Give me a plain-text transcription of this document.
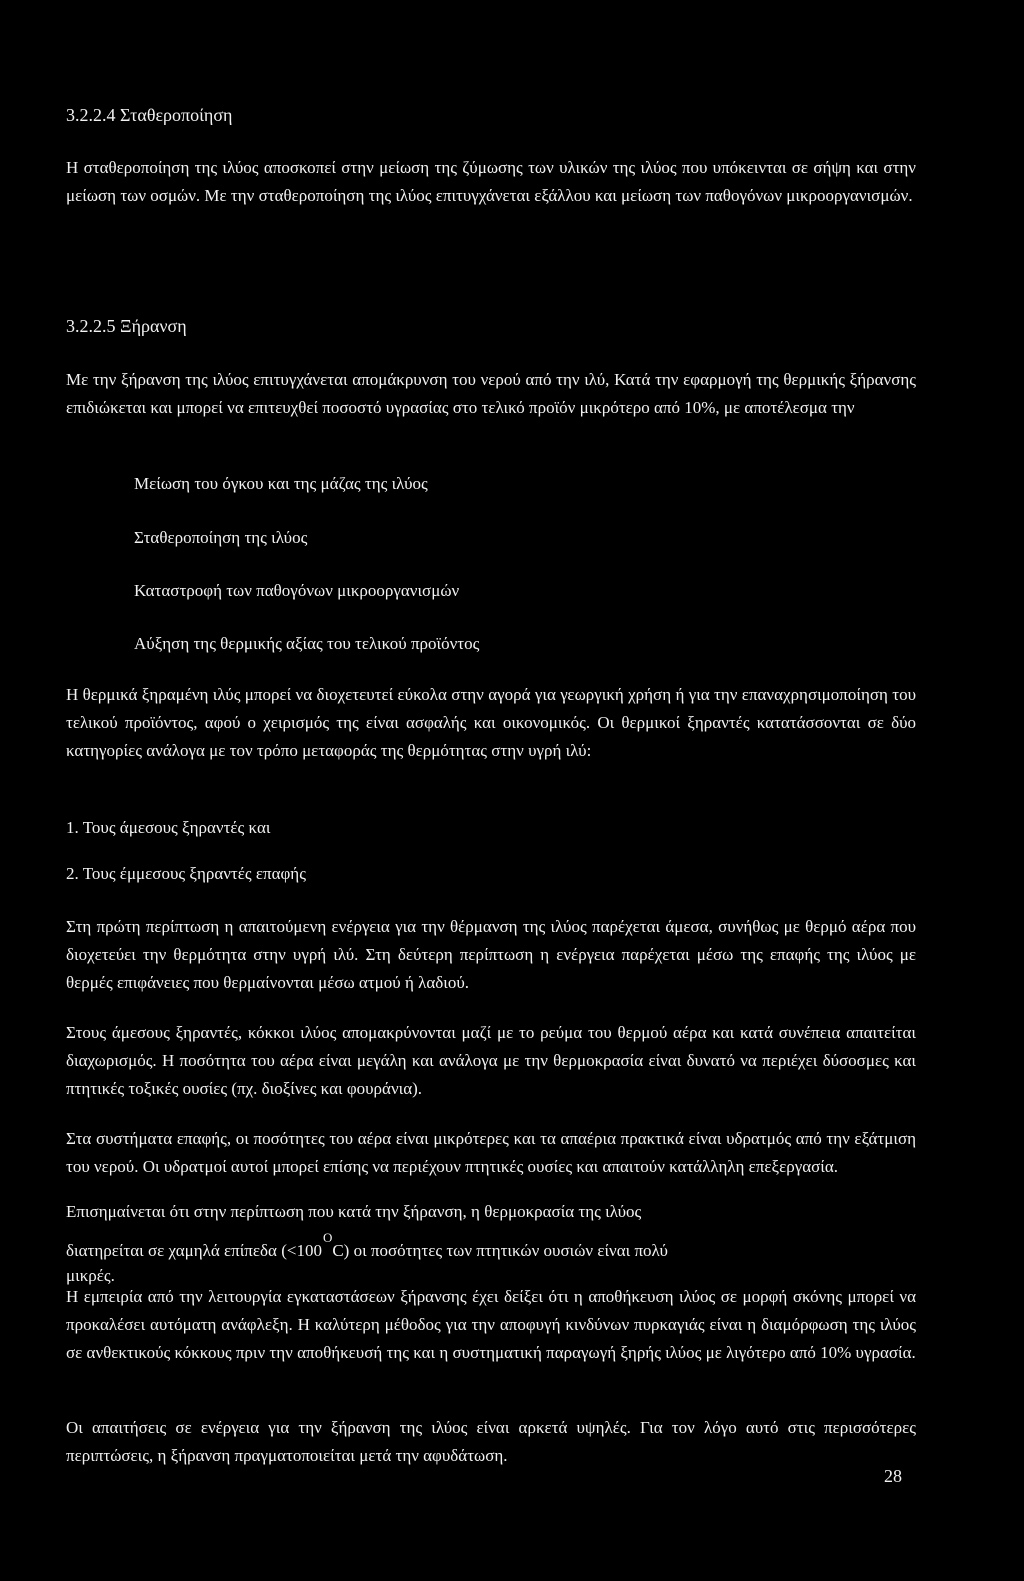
3.2.2.4 Σταθεροποίηση

Η σταθεροποίηση της ιλύος αποσκοπεί στην μείωση της ζύμωσης των υλικών της ιλύος που υπόκεινται σε σήψη και στην μείωση των οσμών. Με την σταθεροποίηση της ιλύος επιτυγχάνεται εξάλλου και μείωση των παθογόνων μικροοργανισμών.

3.2.2.5 Ξήρανση

Με την ξήρανση της ιλύος επιτυγχάνεται απομάκρυνση του νερού από την ιλύ, Κατά την εφαρμογή της θερμικής ξήρανσης επιδιώκεται και μπορεί να επιτευχθεί ποσοστό υγρασίας στο τελικό προϊόν μικρότερο από 10%, με αποτέλεσμα την

Μείωση του όγκου και της μάζας της ιλύος

Σταθεροποίηση της ιλύος

Καταστροφή των παθογόνων μικροοργανισμών

Αύξηση της θερμικής αξίας του τελικού προϊόντος

Η θερμικά ξηραμένη ιλύς μπορεί να διοχετευτεί εύκολα στην αγορά για γεωργική χρήση ή για την επαναχρησιμοποίηση του τελικού προϊόντος, αφού ο χειρισμός της είναι ασφαλής και οικονομικός. Οι θερμικοί ξηραντές κατατάσσονται σε δύο κατηγορίες ανάλογα με τον τρόπο μεταφοράς της θερμότητας στην υγρή ιλύ:

1. Τους άμεσους ξηραντές και

2. Τους έμμεσους ξηραντές επαφής

Στη πρώτη περίπτωση η απαιτούμενη ενέργεια για την θέρμανση της ιλύος παρέχεται άμεσα, συνήθως με θερμό αέρα που διοχετεύει την θερμότητα στην υγρή ιλύ. Στη δεύτερη περίπτωση η ενέργεια παρέχεται μέσω της επαφής της ιλύος με θερμές επιφάνειες που θερμαίνονται μέσω ατμού ή λαδιού.

Στους άμεσους ξηραντές, κόκκοι ιλύος απομακρύνονται μαζί με το ρεύμα του θερμού αέρα και κατά συνέπεια απαιτείται διαχωρισμός. Η ποσότητα του αέρα είναι μεγάλη και ανάλογα με την θερμοκρασία είναι δυνατό να περιέχει δύσοσμες και πτητικές τοξικές ουσίες (πχ. διοξίνες και φουράνια).

Στα συστήματα επαφής, οι ποσότητες του αέρα είναι μικρότερες και τα απαέρια πρακτικά είναι υδρατμός από την εξάτμιση του νερού. Οι υδρατμοί αυτοί μπορεί επίσης να περιέχουν πτητικές ουσίες και απαιτούν κατάλληλη επεξεργασία.

Επισημαίνεται ότι στην περίπτωση που κατά την ξήρανση, η θερμοκρασία της ιλύος

διατηρείται σε χαμηλά επίπεδα $(<100^OC)$ οι ποσότητες των πτητικών ουσιών είναι πολύ

μικρές.

Η εμπειρία από την λειτουργία εγκαταστάσεων ξήρανσης έχει δείξει ότι η αποθήκευση ιλύος σε μορφή σκόνης μπορεί να προκαλέσει αυτόματη ανάφλεξη. Η καλύτερη μέθοδος για την αποφυγή κινδύνων πυρκαγιάς είναι η διαμόρφωση της ιλύος σε ανθεκτικούς κόκκους πριν την αποθήκευσή της και η συστηματική παραγωγή ξηρής ιλύος με λιγότερο από 10% υγρασία.

Οι απαιτήσεις σε ενέργεια για την ξήρανση της ιλύος είναι αρκετά υψηλές. Για τον λόγο αυτό στις περισσότερες περιπτώσεις, η ξήρανση πραγματοποιείται μετά την αφυδάτωση.

28
